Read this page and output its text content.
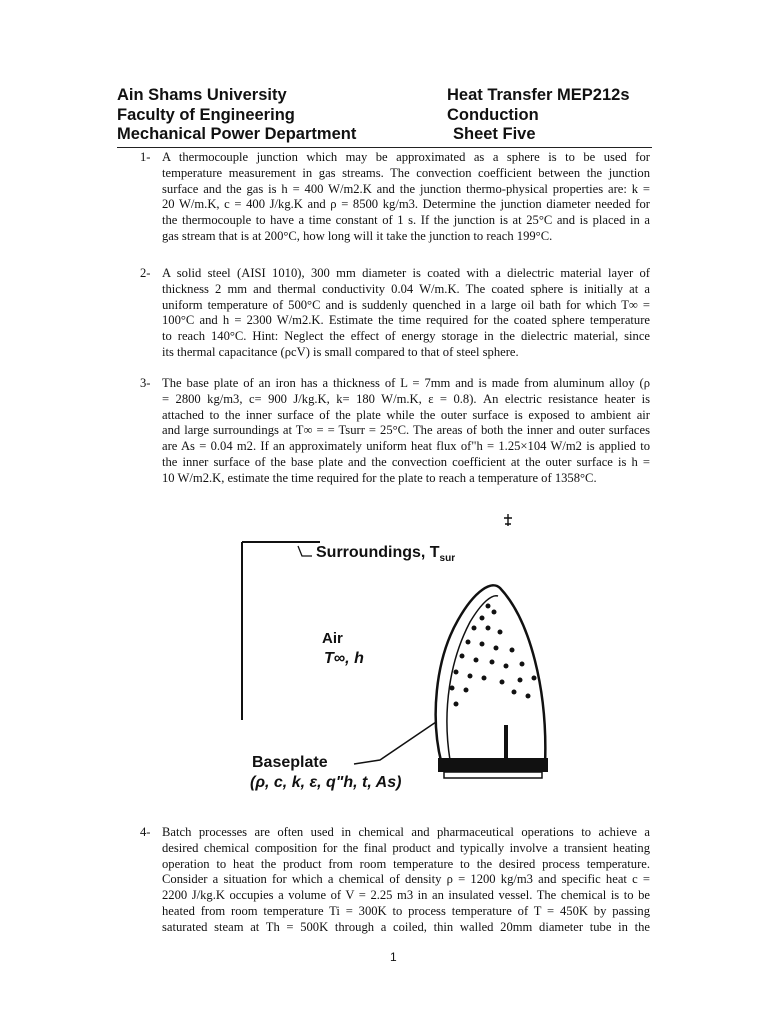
Ain Shams University	Heat Transfer MEP212s
Faculty of Engineering	Conduction
Mechanical Power Department	Sheet Five
1- A thermocouple junction which may be approximated as a sphere is to be used for
temperature measurement in gas streams. The convection coefficient between the junction
surface and the gas is h = 400 W/m2.K and the junction thermo-physical properties are: k =
20 W/m.K, c = 400 J/kg.K and ρ = 8500 kg/m3. Determine the junction diameter needed for
the thermocouple to have a time constant of 1 s. If the junction is at 25°C and is placed in a
gas stream that is at 200°C, how long will it take the junction to reach 199°C.
2- A solid steel (AISI 1010), 300 mm diameter is coated with a dielectric material layer of
thickness 2 mm and thermal conductivity 0.04 W/m.K. The coated sphere is initially at a
uniform temperature of 500°C and is suddenly quenched in a large oil bath for which T∞ =
100°C and h = 2300 W/m2.K. Estimate the time required for the coated sphere temperature
to reach 140°C. Hint: Neglect the effect of energy storage in the dielectric material, since
its thermal capacitance (ρcV) is small compared to that of steel sphere.
3- The base plate of an iron has a thickness of L = 7mm and is made from aluminum alloy (ρ
= 2800 kg/m3, c= 900 J/kg.K, k= 180 W/m.K, ε = 0.8). An electric resistance heater is
attached to the inner surface of the plate while the outer surface is exposed to ambient air
and large surroundings at T∞ = = Tsurr = 25°C. The areas of both the inner and outer surfaces
are As = 0.04 m2. If an approximately uniform heat flux of"h = 1.25×104 W/m2 is applied to
the inner surface of the base plate and the convection coefficient at the outer surface is h =
10 W/m2.K, estimate the time required for the plate to reach a temperature of 1358°C.
Surroundings, $T_{sur}$
Air
T∞, h
Baseplate
(ρ, c, k, ε, q"h, t, As)
4- Batch processes are often used in chemical and pharmaceutical operations to achieve a
desired chemical composition for the final product and typically involve a transient heating
operation to heat the product from room temperature to the desired process temperature.
Consider a situation for which a chemical of density ρ = 1200 kg/m3 and specific heat c =
2200 J/kg.K occupies a volume of V = 2.25 m3 in an insulated vessel. The chemical is to be
heated from room temperature Ti = 300K to process temperature of T = 450K by passing
saturated steam at Th = 500K through a coiled, thin walled 20mm diameter tube in the
1
